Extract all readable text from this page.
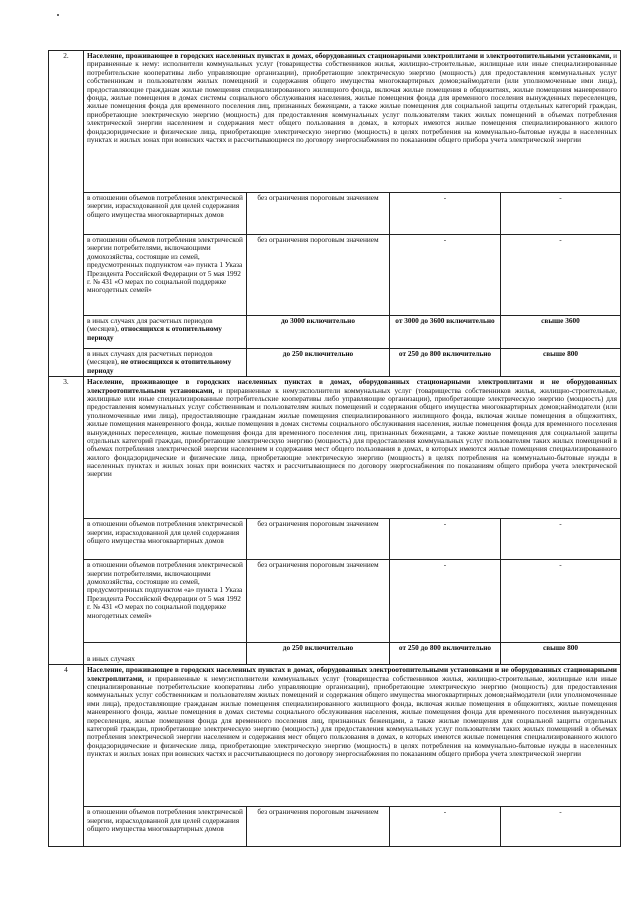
2.	Население, проживающее в городских населенных пунктах в домах, оборудованных стационарными электроплитами и электроотопительными установками, и приравненные к нему: исполнители коммунальных услуг (товарищества собственников жилья, жилищно-строительные, жилищные или иные специализированные потребительские кооперативы либо управляющие организации), приобретающие электрическую энергию (мощность) для предоставления коммунальных услуг собственникам и пользователям жилых помещений и содержания общего имущества многоквартирных домов;наймодатели (или уполномоченные ими лица), предоставляющие гражданам жилые помещения специализированного жилищного фонда, включая жилые помещения в общежитиях, жилые помещения маневренного фонда, жилые помещения в домах системы социального обслуживания населения, жилые помещения фонда для временного поселения вынужденных переселенцев, жилые помещения фонда для временного поселения лиц, признанных беженцами, а также жилые помещения для социальной защиты отдельных категорий граждан, приобретающие электрическую энергию (мощность) для предоставления коммунальных услуг пользователям таких жилых помещений в объемах потребления электрической энергии населением и содержания мест общего пользования в домах, в которых имеются жилые помещения специализированного жилого фонда;юридические и физические лица, приобретающие электрическую энергию (мощность) в целях потребления на коммунально-бытовые нужды в населенных пунктах и жилых зонах при воинских частях и рассчитывающиеся по договору энергоснабжения по показаниям общего прибора учета электрической энергии			
	в отношении объемов потребления электрической энергии, израсходованной для целей содержания общего имущества многоквартирных домов	без ограничения пороговым значением	-	-
	в отношении объемов потребления электрической энергии потребителями, включающими домохозяйства, состоящие из семей, предусмотренных подпунктом «а» пункта 1 Указа Президента Российской Федерации от 5 мая 1992 г. № 431 «О мерах по социальной поддержке многодетных семей»	без ограничения пороговым значением	-	-
	в иных случаях для расчетных периодов (месяцев), относящихся к отопительному периоду	до 3000 включительно	от 3000 до 3600 включительно	свыше 3600
	в иных случаях для расчетных периодов (месяцев), не относящихся к отопительному периоду	до 250 включительно	от 250 до 800 включительно	свыше 800
3.	Население, проживающее в городских населенных пунктах в домах, оборудованных стационарными электроплитами и не оборудованных электроотопительными установками, и приравненные к нему:исполнители коммунальных услуг (товарищества собственников жилья, жилищно-строительные, жилищные или иные специализированные потребительские кооперативы либо управляющие организации), приобретающие электрическую энергию (мощность) для предоставления коммунальных услуг собственникам и пользователям жилых помещений и содержания общего имущества многоквартирных домов;наймодатели (или уполномоченные ими лица), предоставляющие гражданам жилые помещения специализированного жилищного фонда, включая жилые помещения в общежитиях, жилые помещения маневренного фонда, жилые помещения в домах системы социального обслуживания населения, жилые помещения фонда для временного поселения вынужденных переселенцев, жилые помещения фонда для временного поселения лиц, признанных беженцами, а также жилые помещения для социальной защиты отдельных категорий граждан, приобретающие электрическую энергию (мощность) для предоставления коммунальных услуг пользователям таких жилых помещений в объемах потребления электрической энергии населением и содержания мест общего пользования в домах, в которых имеются жилые помещения специализированного жилого фонда;юридические и физические лица, приобретающие электрическую энергию (мощность) в целях потребления на коммунально-бытовые нужды в населенных пунктах и жилых зонах при воинских частях и рассчитывающиеся по договору энергоснабжения по показаниям общего прибора учета электрической энергии			
	в отношении объемов потребления электрической энергии, израсходованной для целей содержания общего имущества многоквартирных домов	без ограничения пороговым значением	-	-
	в отношении объемов потребления электрической энергии потребителями, включающими домохозяйства, состоящие из семей, предусмотренных подпунктом «а» пункта 1 Указа Президента Российской Федерации от 5 мая 1992 г. № 431 «О мерах по социальной поддержке многодетных семей»	без ограничения пороговым значением	-	-
	в иных случаях	до 250 включительно	от 250 до 800 включительно	свыше 800
4	Население, проживающее в городских населенных пунктах в домах, оборудованных электроотопительными установками и не оборудованных стационарными электроплитами, и приравненные к нему:исполнители коммунальных услуг (товарищества собственников жилья, жилищно-строительные, жилищные или иные специализированные потребительские кооперативы либо управляющие организации), приобретающие электрическую энергию (мощность) для предоставления коммунальных услуг собственникам и пользователям жилых помещений и содержания общего имущества многоквартирных домов;наймодатели (или уполномоченные ими лица), предоставляющие гражданам жилые помещения специализированного жилищного фонда, включая жилые помещения в общежитиях, жилые помещения маневренного фонда, жилые помещения в домах системы социального обслуживания населения, жилые помещения фонда для временного поселения вынужденных переселенцев, жилые помещения фонда для временного поселения лиц, признанных беженцами, а также жилые помещения для социальной защиты отдельных категорий граждан, приобретающие электрическую энергию (мощность) для предоставления коммунальных услуг пользователям таких жилых помещений в объемах потребления электрической энергии населением и содержания мест общего пользования в домах, в которых имеются жилые помещения специализированного жилого фонда;юридические и физические лица, приобретающие электрическую энергию (мощность) в целях потребления на коммунально-бытовые нужды в населенных пунктах и жилых зонах при воинских частях и рассчитывающиеся по договору энергоснабжения по показаниям общего прибора учета электрической энергии			
	в отношении объемов потребления электрической энергии, израсходованной для целей содержания общего имущества многоквартирных домов	без ограничения пороговым значением	-	-
